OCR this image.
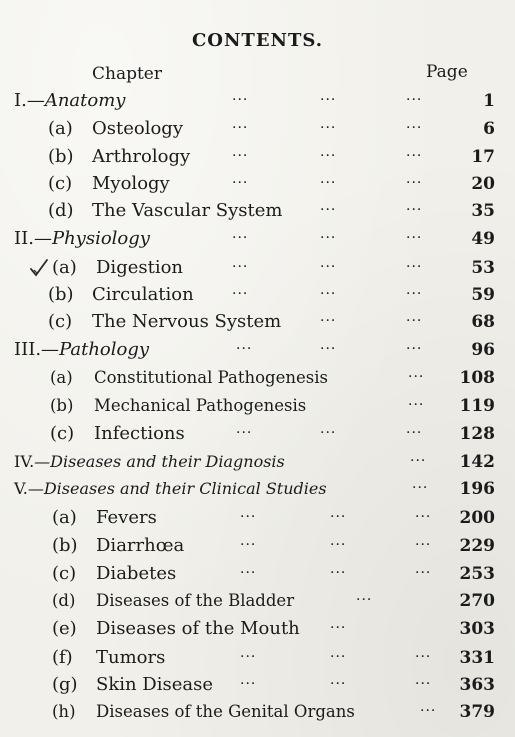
CONTENTS.
Chapter	Page
I.—Anatomy	···	···	···	1
(a) Osteology	···	···	···	6
(b) Arthrology	···	···	···	17
(c) Myology	···	···	···	20
(d) The Vascular System	···	···	35
II.—Physiology	···	···	···	49
(a) Digestion	···	···	···	53
(b) Circulation	···	···	···	59
(c) The Nervous System	···	···	68
III.—Pathology	···	···	···	96
(a) Constitutional Pathogenesis	···	108
(b) Mechanical Pathogenesis	···	119
(c) Infections	···	···	···	128
IV.—Diseases and their Diagnosis	···	142
V.—Diseases and their Clinical Studies	···	196
(a) Fevers	···	···	···	200
(b) Diarrhœa	···	···	···	229
(c) Diabetes	···	···	···	253
(d) Diseases of the Bladder	···	270
(e) Diseases of the Mouth ···	303
(f) Tumors	···	···	···	331
(g) Skin Disease ···	···	···	363
(h) Diseases of the Genital Organs	···	379
